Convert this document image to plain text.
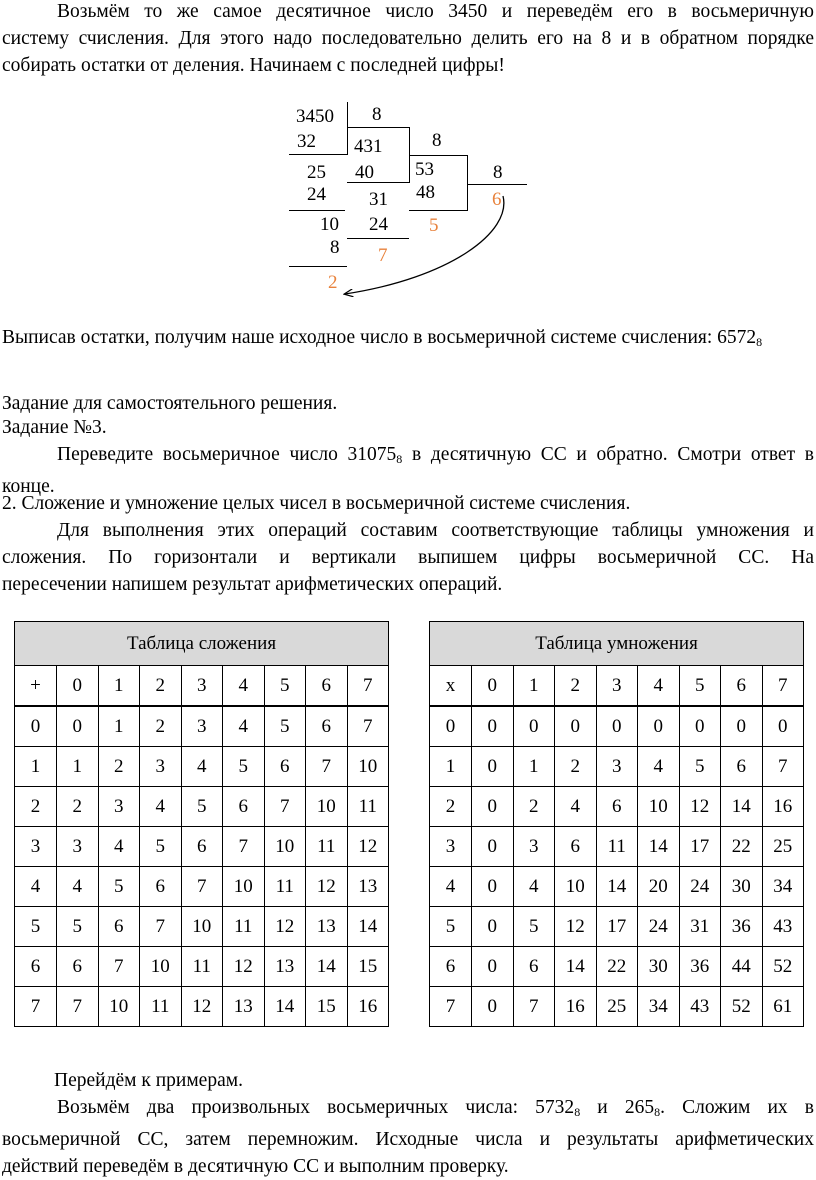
Возьмём то же самое десятичное число 3450 и переведём его в восьмеричную
систему счисления. Для этого надо последовательно делить его на 8 и в обратном порядке
собирать остатки от деления. Начинаем с последней цифры!
3450 8
32 431	8
25 40 53	8
24 31 48	6
10 24 5
8 7
2
Выписав остатки, получим наше исходное число в восьмеричной системе счисления: $6572_8$
Задание для самостоятельного решения.
Задание №3.
Переведите восьмеричное число $31075_8$ в десятичную СС и обратно. Смотри ответ в
конце.
2. Сложение и умножение целых чисел в восьмеричной системе счисления.
Для выполнения этих операций составим соответствующие таблицы умножения и
сложения. По горизонтали и вертикали выпишем цифры восьмеричной СС. На
пересечении напишем результат арифметических операций.
Таблица сложения								
+	0	1	2	3	4	5	6	7
0	0	1	2	3	4	5	6	7
1	1	2	3	4	5	6	7	10
2	2	3	4	5	6	7	10	11
3	3	4	5	6	7	10	11	12
4	4	5	6	7	10	11	12	13
5	5	6	7	10	11	12	13	14
6	6	7	10	11	12	13	14	15
7	7	10	11	12	13	14	15	16
Таблица умножения								
x	0	1	2	3	4	5	6	7
0	0	0	0	0	0	0	0	0
1	0	1	2	3	4	5	6	7
2	0	2	4	6	10	12	14	16
3	0	3	6	11	14	17	22	25
4	0	4	10	14	20	24	30	34
5	0	5	12	17	24	31	36	43
6	0	6	14	22	30	36	44	52
7	0	7	16	25	34	43	52	61
Перейдём к примерам.
Возьмём два произвольных восьмеричных числа: $5732_8$ и $265_8$. Сложим их в
восьмеричной СС, затем перемножим. Исходные числа и результаты арифметических
действий переведём в десятичную СС и выполним проверку.
